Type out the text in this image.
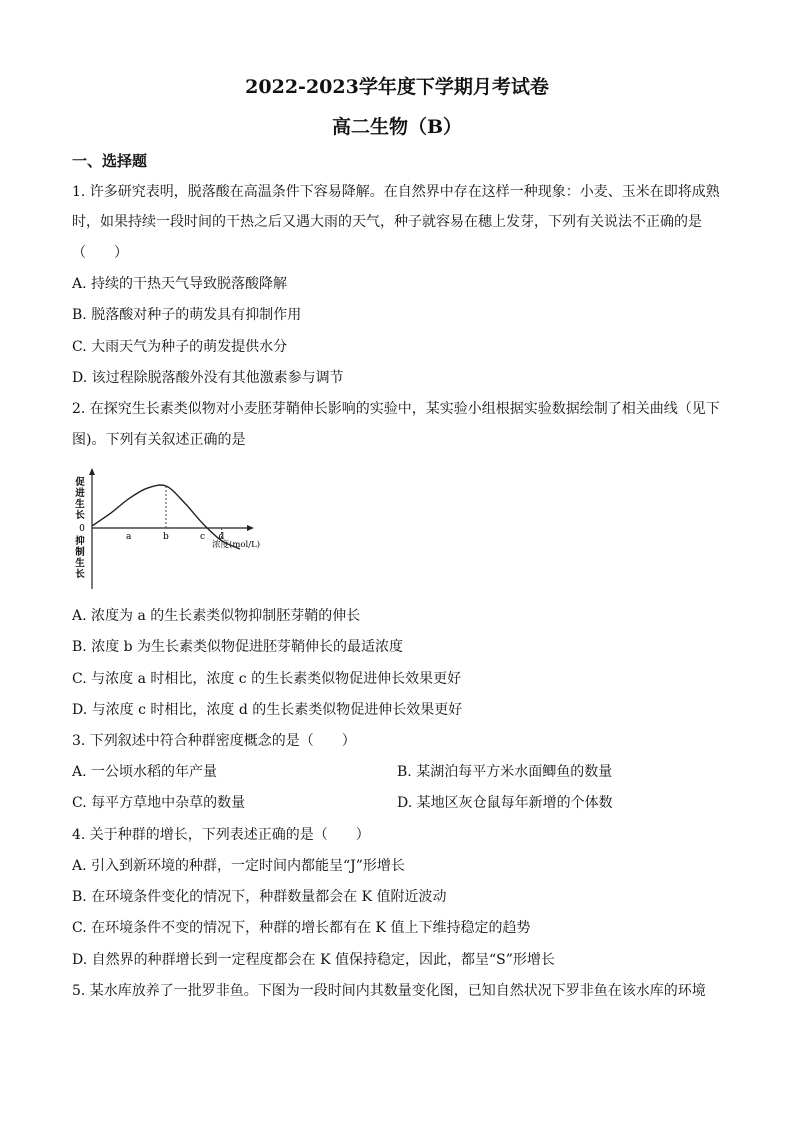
2022-2023学年度下学期月考试卷
高二生物（B）
一、选择题
1. 许多研究表明，脱落酸在高温条件下容易降解。在自然界中存在这样一种现象：小麦、玉米在即将成熟
时，如果持续一段时间的干热之后又遇大雨的天气，种子就容易在穗上发芽，下列有关说法不正确的是
（　　）
A. 持续的干热天气导致脱落酸降解
B. 脱落酸对种子的萌发具有抑制作用
C. 大雨天气为种子的萌发提供水分
D. 该过程除脱落酸外没有其他激素参与调节
2. 在探究生长素类似物对小麦胚芽鞘伸长影响的实验中，某实验小组根据实验数据绘制了相关曲线（见下
图)。下列有关叙述正确的是
促
进
生
长
抑
制
生
长
0
浓度(mol/L)
a	b	c d
A. 浓度为 a 的生长素类似物抑制胚芽鞘的伸长
B. 浓度 b 为生长素类似物促进胚芽鞘伸长的最适浓度
C. 与浓度 a 时相比，浓度 c 的生长素类似物促进伸长效果更好
D. 与浓度 c 时相比，浓度 d 的生长素类似物促进伸长效果更好
3. 下列叙述中符合种群密度概念的是（　　）
A. 一公顷水稻的年产量	B. 某湖泊每平方米水面鲫鱼的数量
C. 每平方草地中杂草的数量	D. 某地区灰仓鼠每年新增的个体数
4. 关于种群的增长，下列表述正确的是（　　）
A. 引入到新环境的种群，一定时间内都能呈“J”形增长
B. 在环境条件变化的情况下，种群数量都会在 K 值附近波动
C. 在环境条件不变的情况下，种群的增长都有在 K 值上下维持稳定的趋势
D. 自然界的种群增长到一定程度都会在 K 值保持稳定，因此，都呈“S”形增长
5. 某水库放养了一批罗非鱼。下图为一段时间内其数量变化图，已知自然状况下罗非鱼在该水库的环境
